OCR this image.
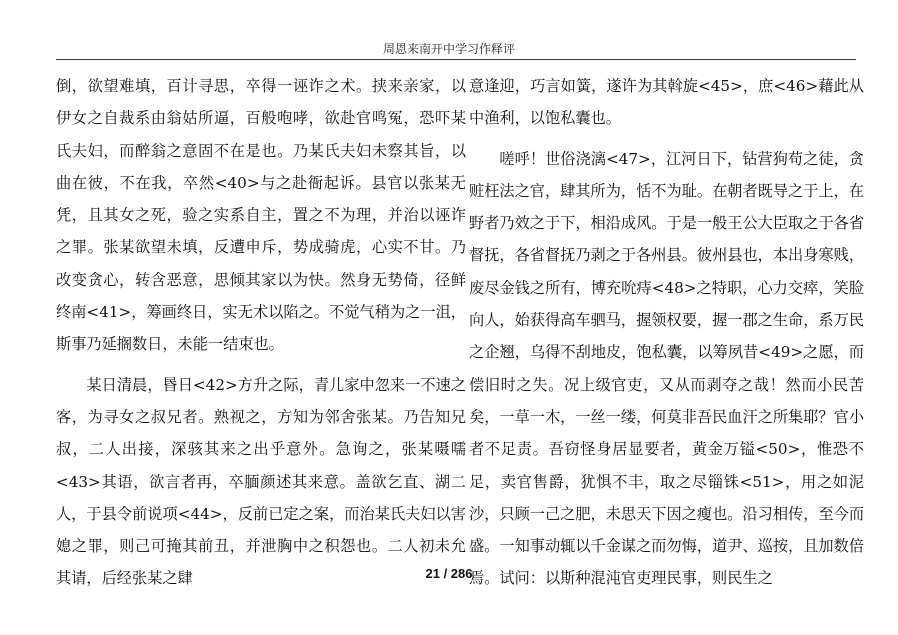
周恩来南开中学习作释评

倒，欲望难填，百计寻思，卒得一诬诈之术。挟来亲家，以伊女之自裁系由翁姑所逼，百般咆哮，欲赴官鸣冤，恐吓某氏夫妇，而醉翁之意固不在是也。乃某氏夫妇未察其旨，以曲在彼，不在我，卒然<40>与之赴衙起诉。县官以张某无凭，且其女之死，验之实系自主，置之不为理，并治以诬诈之罪。张某欲望未填，反遭申斥，势成骑虎，心实不甘。乃改变贪心，转含恶意，思倾其家以为快。然身无势倚，径鲜终南<41>，筹画终日，实无术以陷之。不觉气稍为之一沮，斯事乃延搁数日，未能一结束也。

某日清晨，昬日<42>方升之际，青儿家中忽来一不速之客，为寻女之叔兄者。熟视之，方知为邻舍张某。乃告知兄叔，二人出接，深骇其来之出乎意外。急询之，张某嗫嚅<43>其语，欲言者再，卒腼颜述其来意。盖欲乞直、湖二人，于县令前说项<44>，反前已定之案，而治某氏夫妇以害媳之罪，则己可掩其前丑，并泄胸中之积怨也。二人初未允其请，后经张某之肆

意逢迎，巧言如簧，遂许为其斡旋<45>，庶<46>藉此从中渔利，以饱私囊也。

嗟呼！世俗浇漓<47>，江河日下，钻营狗苟之徒，贪赃枉法之官，肆其所为，恬不为耻。在朝者既导之于上，在野者乃效之于下，相沿成风。于是一般王公大臣取之于各省督抚，各省督抚乃剥之于各州县。彼州县也，本出身寒贱，废尽金钱之所有，博充吮痔<48>之特职，心力交瘁，笑脸向人，始获得高车驷马，握领权要，握一郡之生命，系万民之企翘，乌得不刮地皮，饱私囊，以筹夙昔<49>之愿，而偿旧时之失。况上级官吏，又从而剥夺之哉！然而小民苦矣，一草一木，一丝一缕，何莫非吾民血汗之所集耶？官小者不足责。吾窃怪身居显要者，黄金万镒<50>，惟恐不足，卖官售爵，犹惧不丰，取之尽锱铢<51>，用之如泥沙，只顾一己之肥，未思天下因之瘦也。沿习相传，至今而盛。一知事动辄以千金谋之而勿悔，道尹、巡按，且加数倍焉。试问：以斯种混沌官吏理民事，则民生之

21 / 286
